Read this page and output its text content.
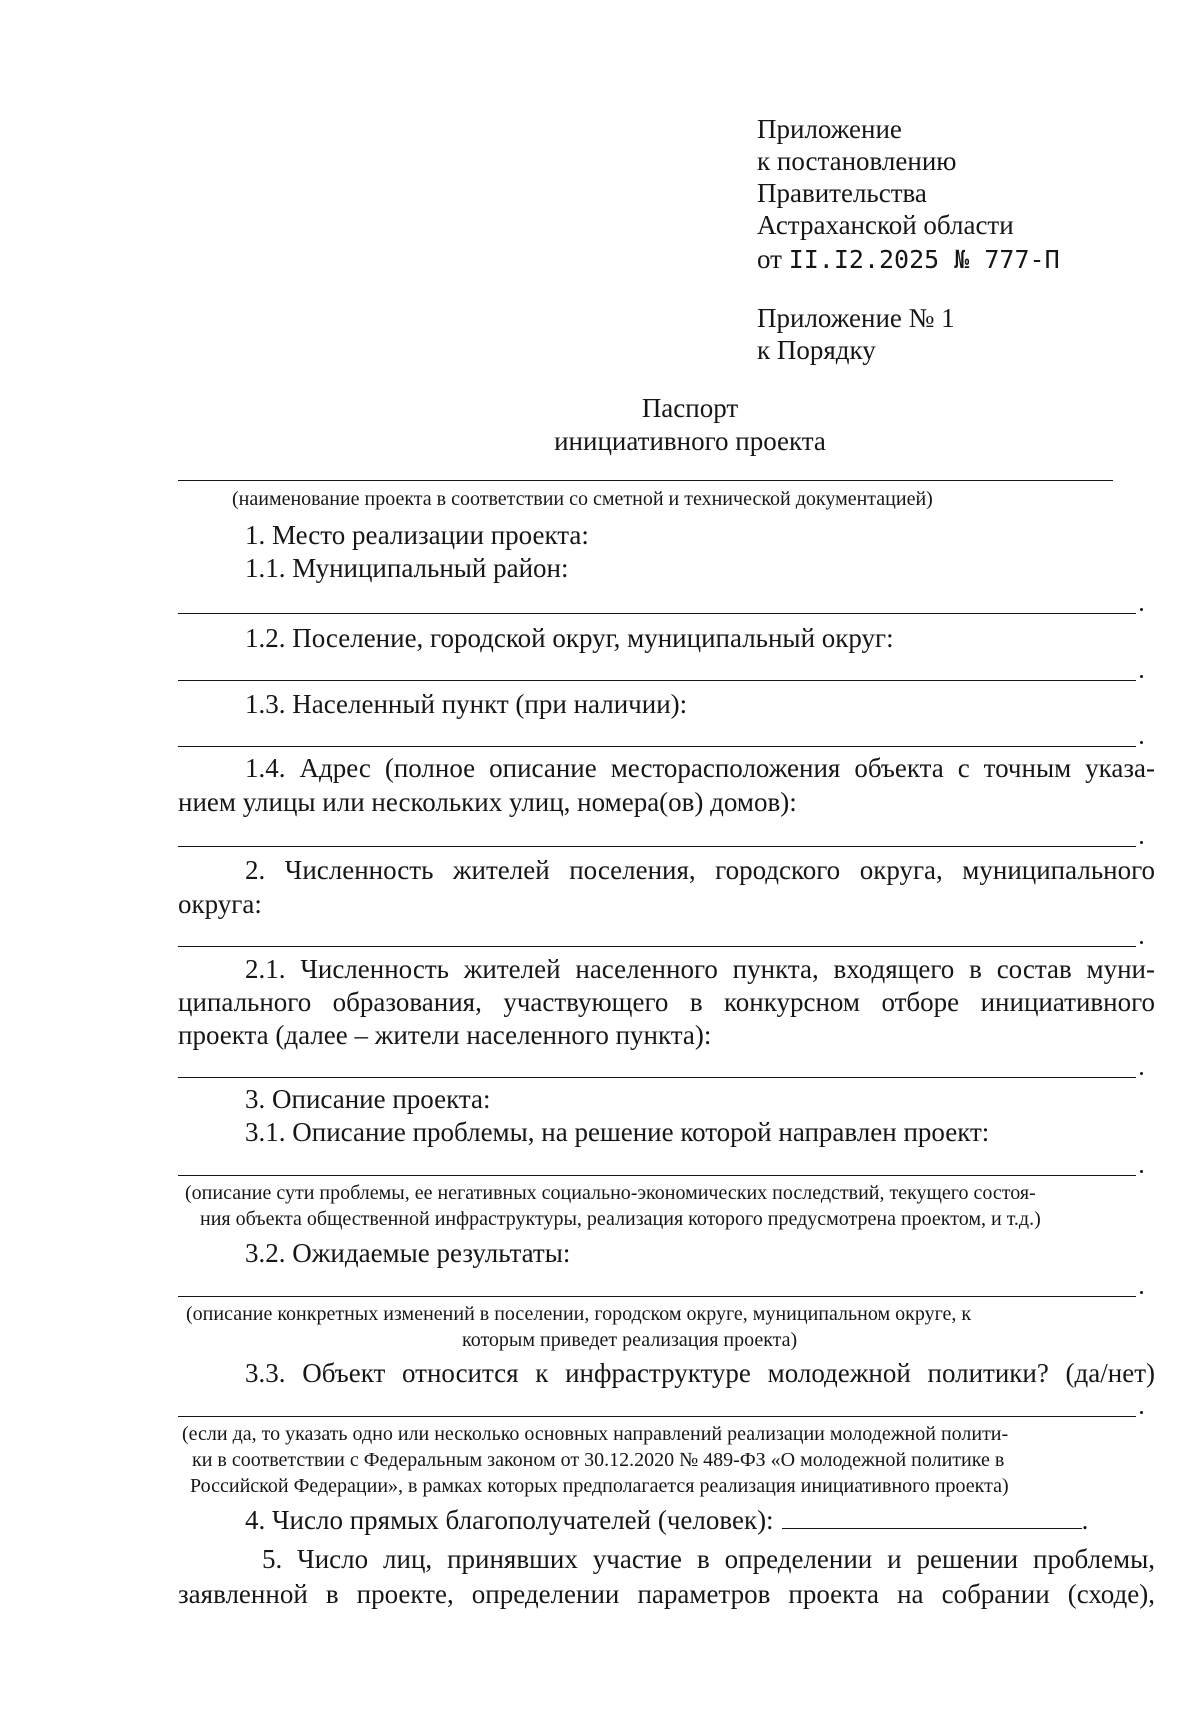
Приложение
к постановлению
Правительства
Астраханской области
от II.I2.2025 № 777-П
Приложение № 1
к Порядку
Паспорт
инициативного проекта
(наименование проекта в соответствии со сметной и технической документацией)
1. Место реализации проекта:
1.1. Муниципальный район:
1.2. Поселение, городской округ, муниципальный округ:
1.3. Населенный пункт (при наличии):
1.4. Адрес (полное описание месторасположения объекта с точным указа-
нием улицы или нескольких улиц, номера(ов) домов):
2. Численность жителей поселения, городского округа, муниципального
округа:
2.1. Численность жителей населенного пункта, входящего в состав муни-
ципального образования, участвующего в конкурсном отборе инициативного
проекта (далее – жители населенного пункта):
3. Описание проекта:
3.1. Описание проблемы, на решение которой направлен проект:
(описание сути проблемы, ее негативных социально-экономических последствий, текущего состоя-
ния объекта общественной инфраструктуры, реализация которого предусмотрена проектом, и т.д.)
3.2. Ожидаемые результаты:
(описание конкретных изменений в поселении, городском округе, муниципальном округе, к
которым приведет реализация проекта)
3.3. Объект относится к инфраструктуре молодежной политики? (да/нет)
(если да, то указать одно или несколько основных направлений реализации молодежной полити-
ки в соответствии с Федеральным законом от 30.12.2020 № 489-ФЗ «О молодежной политике в
Российской Федерации», в рамках которых предполагается реализация инициативного проекта)
4. Число прямых благополучателей (человек):	.
5. Число лиц, принявших участие в определении и решении проблемы,
заявленной в проекте, определении параметров проекта на собрании (сходе),
